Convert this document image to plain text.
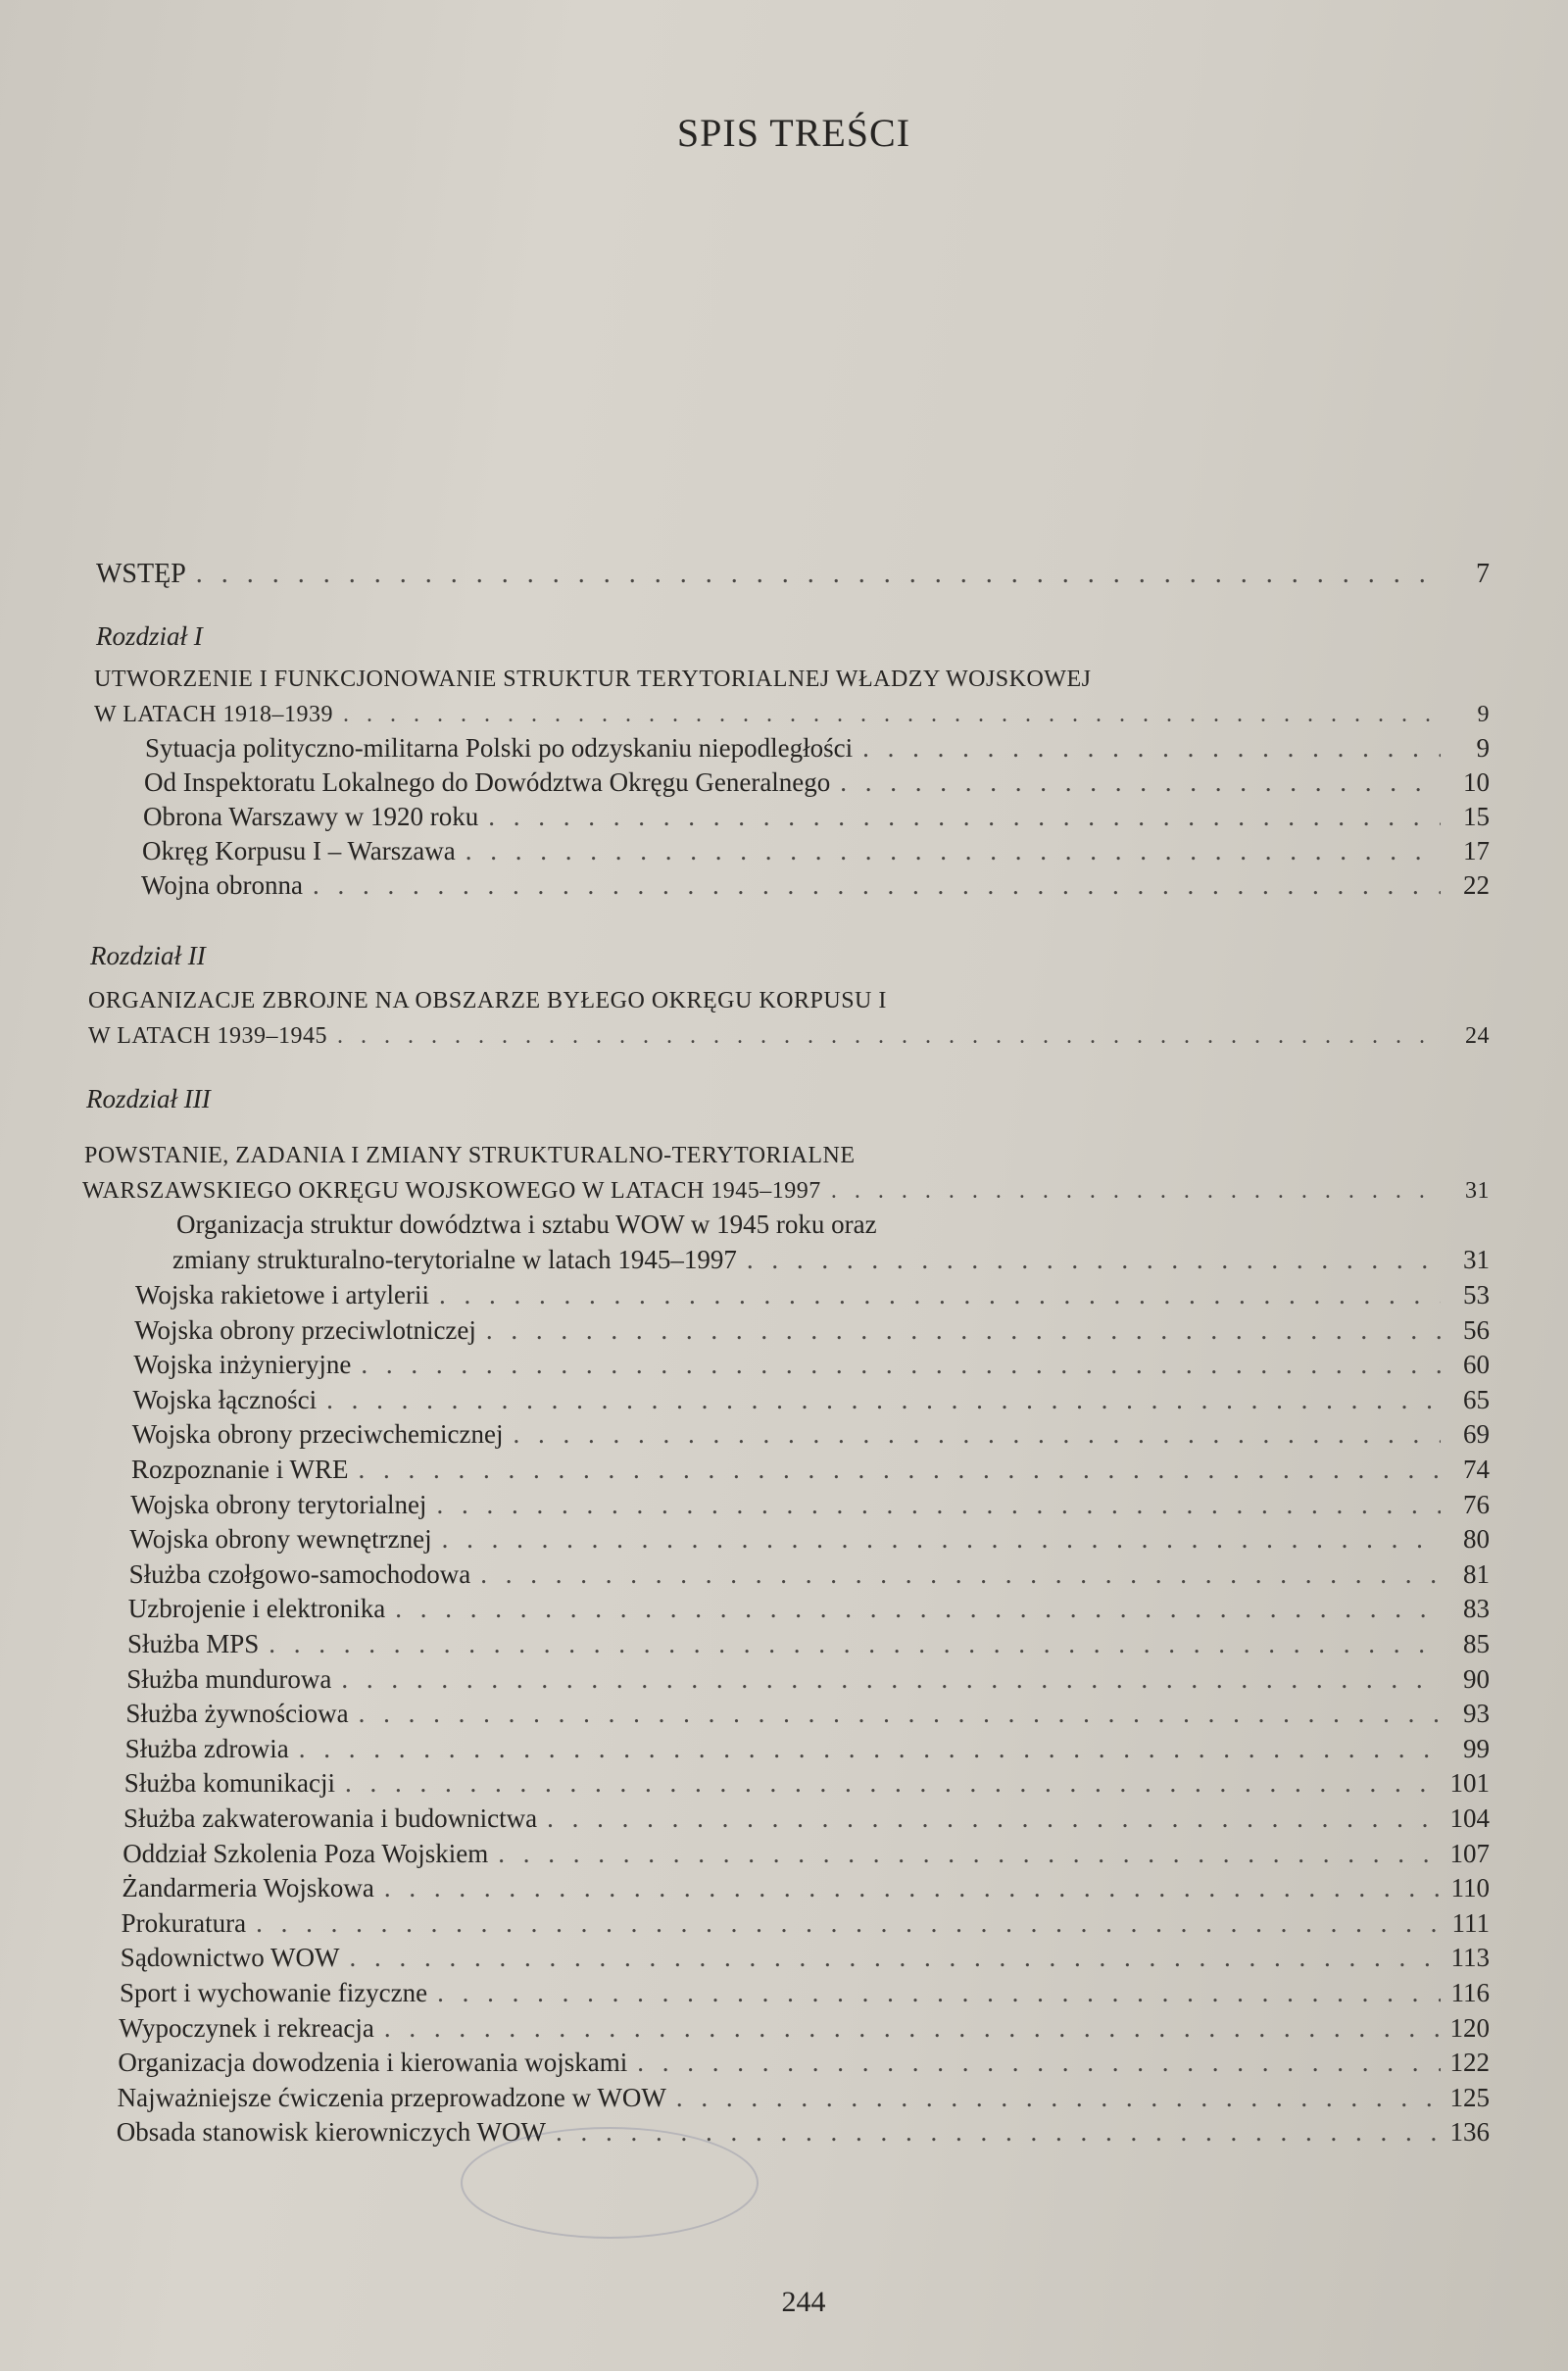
SPIS TREŚCI
WSTĘP . . .	7
Rozdział I
UTWORZENIE I FUNKCJONOWANIE STRUKTUR TERYTORIALNEJ WŁADZY WOJSKOWEJ
W LATACH 1918–1939 . . .	9
Sytuacja polityczno-militarna Polski po odzyskaniu niepodległości . . .	9
Od Inspektoratu Lokalnego do Dowództwa Okręgu Generalnego . . .	10
Obrona Warszawy w 1920 roku . . .	15
Okręg Korpusu I – Warszawa . . .	17
Wojna obronna . . .	22
Rozdział II
ORGANIZACJE ZBROJNE NA OBSZARZE BYŁEGO OKRĘGU KORPUSU I
W LATACH 1939–1945 . . .	24
Rozdział III
POWSTANIE, ZADANIA I ZMIANY STRUKTURALNO-TERYTORIALNE
WARSZAWSKIEGO OKRĘGU WOJSKOWEGO W LATACH 1945–1997 . . .	31
Organizacja struktur dowództwa i sztabu WOW w 1945 roku oraz
zmiany strukturalno-terytorialne w latach 1945–1997 . . .	31
Wojska rakietowe i artylerii . . .	53
Wojska obrony przeciwlotniczej . . .	56
Wojska inżynieryjne . . .	60
Wojska łączności . . .	65
Wojska obrony przeciwchemicznej . . .	69
Rozpoznanie i WRE . . .	74
Wojska obrony terytorialnej . . .	76
Wojska obrony wewnętrznej . . .	80
Służba czołgowo-samochodowa . . .	81
Uzbrojenie i elektronika . . .	83
Służba MPS . . .	85
Służba mundurowa . . .	90
Służba żywnościowa . . .	93
Służba zdrowia . . .	99
Służba komunikacji . . .	101
Służba zakwaterowania i budownictwa . . .	104
Oddział Szkolenia Poza Wojskiem . . .	107
Żandarmeria Wojskowa . . .	110
Prokuratura . . .	111
Sądownictwo WOW . . .	113
Sport i wychowanie fizyczne . . .	116
Wypoczynek i rekreacja . . .	120
Organizacja dowodzenia i kierowania wojskami . . .	122
Najważniejsze ćwiczenia przeprowadzone w WOW . . .	125
Obsada stanowisk kierowniczych WOW . . .	136
244
